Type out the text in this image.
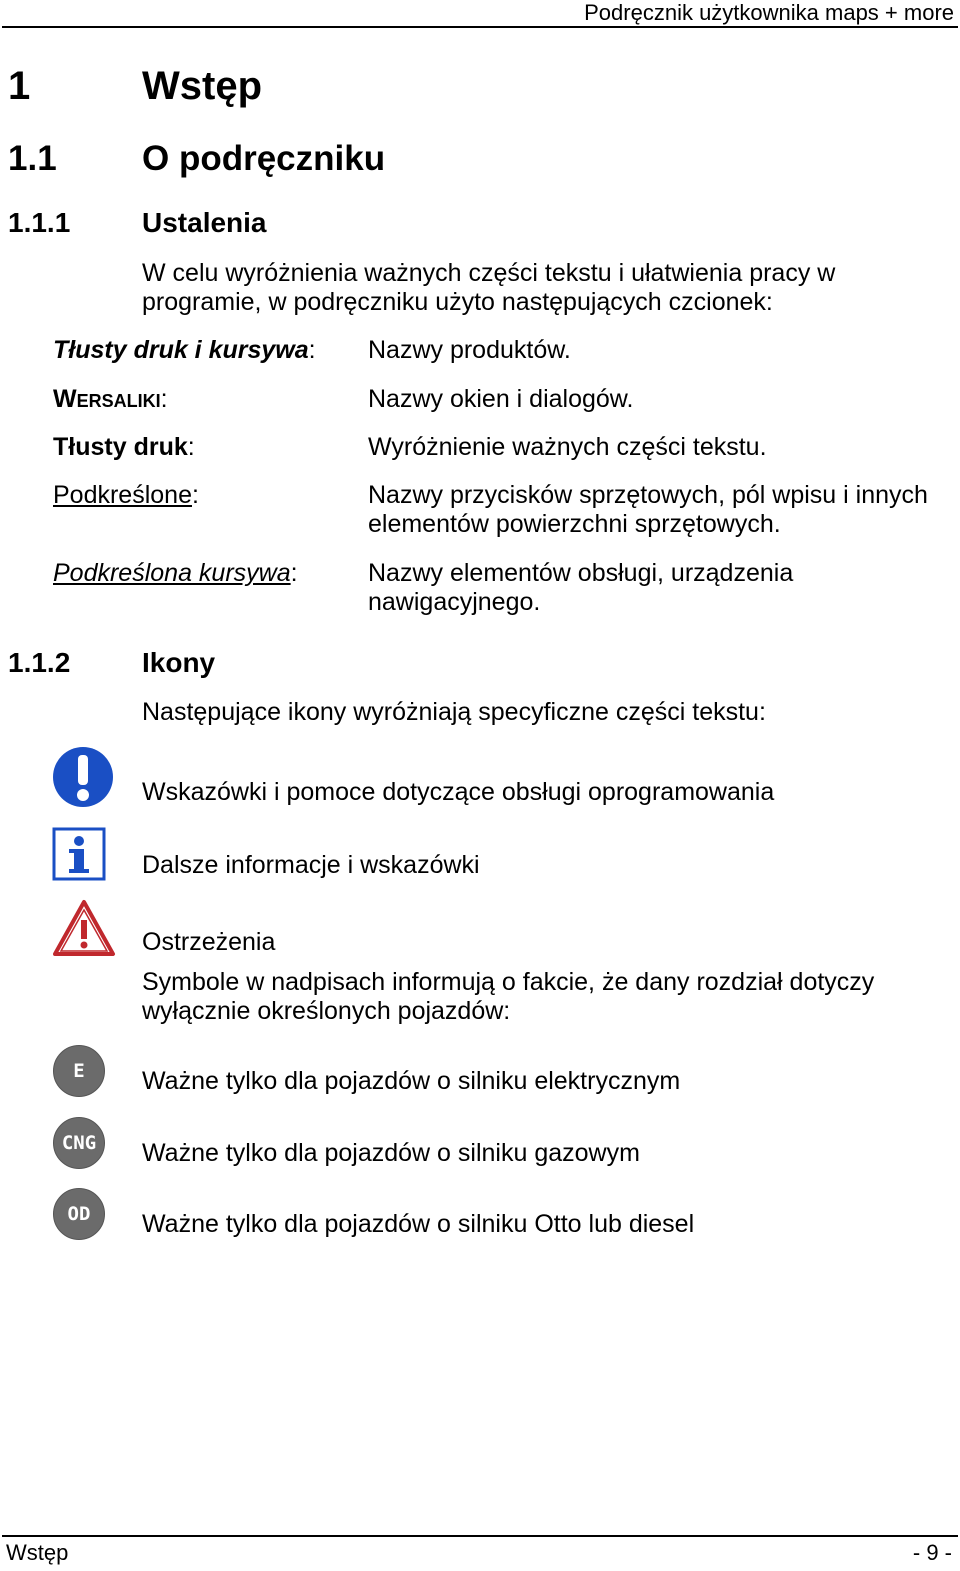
Podręcznik użytkownika maps + more
1	Wstęp
1.1 O podręczniku
1.1.1	Ustalenia
W celu wyróżnienia ważnych części tekstu i ułatwienia pracy w
programie, w podręczniku użyto następujących czcionek:
Tłusty druk i kursywa: Nazwy produktów.
Wersaliki:	Nazwy okien i dialogów.
Tłusty druk:	Wyróżnienie ważnych części tekstu.
Podkreślone:	Nazwy przycisków sprzętowych, pól wpisu i innych
elementów powierzchni sprzętowych.
Podkreślona kursywa:	Nazwy elementów obsługi, urządzenia
nawigacyjnego.
1.1.2	Ikony
Następujące ikony wyróżniają specyficzne części tekstu:
Wskazówki i pomoce dotyczące obsługi oprogramowania
Dalsze informacje i wskazówki
Ostrzeżenia
Symbole w nadpisach informują o fakcie, że dany rozdział dotyczy
wyłącznie określonych pojazdów:
E	Ważne tylko dla pojazdów o silniku elektrycznym
CNG	Ważne tylko dla pojazdów o silniku gazowym
OD	Ważne tylko dla pojazdów o silniku Otto lub diesel
Wstęp	- 9 -
